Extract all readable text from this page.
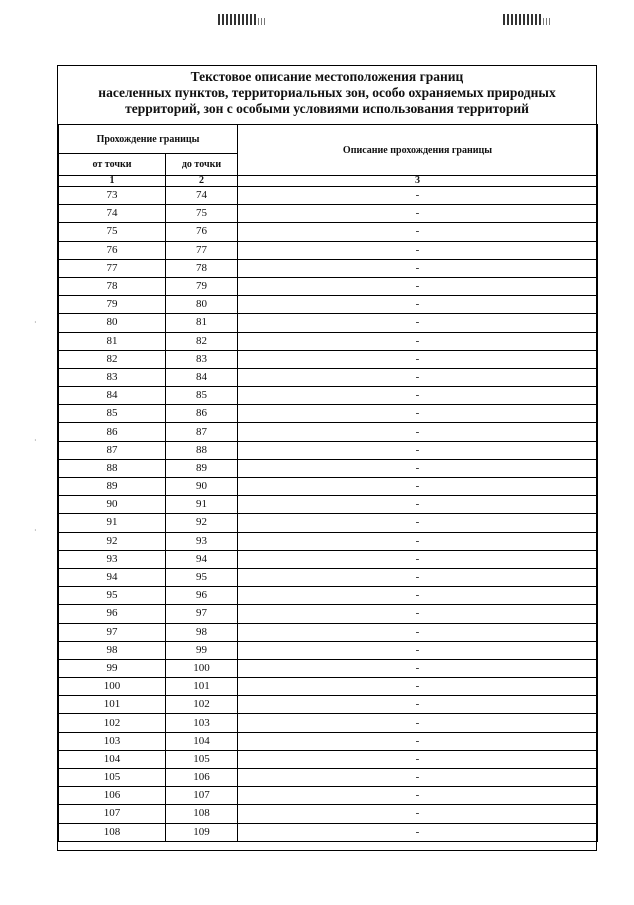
·
·
·
Текстовое описание местоположения границ
населенных пунктов, территориальных зон, особо охраняемых природных
территорий, зон с особыми условиями использования территорий
Прохождение границы		Описание прохождения границы
от точки	до точки	
1	2	3
73	74	-
74	75	-
75	76	-
76	77	-
77	78	-
78	79	-
79	80	-
80	81	-
81	82	-
82	83	-
83	84	-
84	85	-
85	86	-
86	87	-
87	88	-
88	89	-
89	90	-
90	91	-
91	92	-
92	93	-
93	94	-
94	95	-
95	96	-
96	97	-
97	98	-
98	99	-
99	100	-
100	101	-
101	102	-
102	103	-
103	104	-
104	105	-
105	106	-
106	107	-
107	108	-
108	109	-
